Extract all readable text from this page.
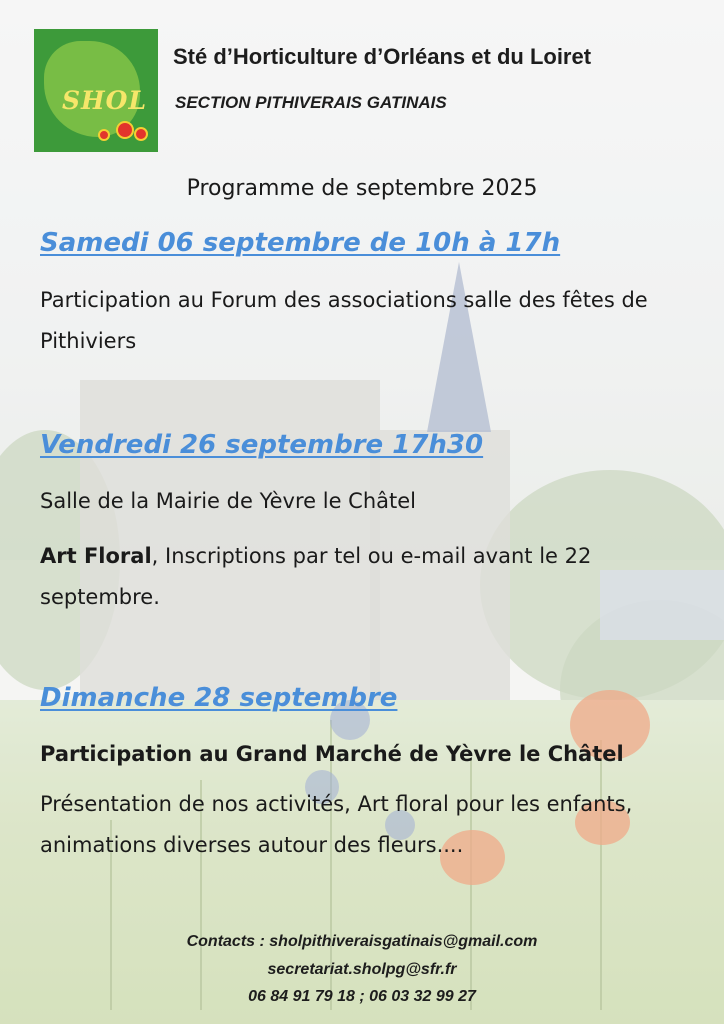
SHOL
Sté d’Horticulture d’Orléans et du Loiret
SECTION PITHIVERAIS GATINAIS
Programme de septembre 2025
Samedi 06 septembre de 10h à 17h
Participation au Forum des associations salle des fêtes de Pithiviers
Vendredi 26 septembre 17h30
Salle de la Mairie de Yèvre le Châtel
Art Floral, Inscriptions par tel ou e-mail avant le 22 septembre.
Dimanche 28 septembre
Participation au Grand Marché de Yèvre le Châtel
Présentation de nos activités, Art floral pour les enfants, animations diverses autour des fleurs....
Contacts : sholpithiveraisgatinais@gmail.com
secretariat.sholpg@sfr.fr
06 84 91 79 18 ; 06 03 32 99 27
